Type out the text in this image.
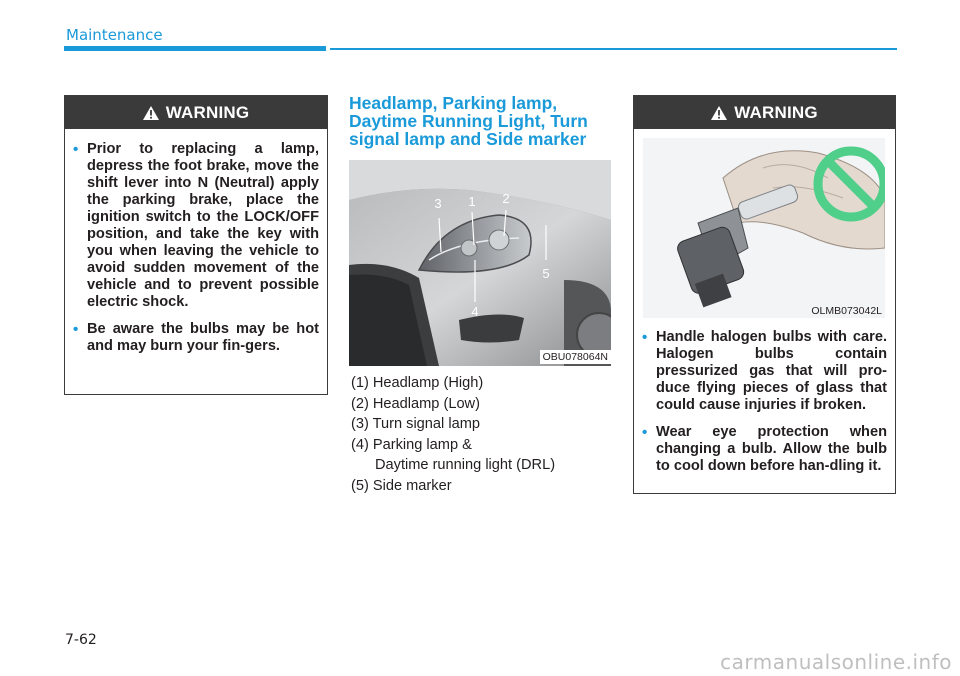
Maintenance
WARNING
• Prior to replacing a lamp, depress the foot brake, move the shift lever into N (Neutral) apply the parking brake, place the ignition switch to the LOCK/OFF position, and take the key with you when leaving the vehicle to avoid sudden movement of the vehicle and to prevent possible electric shock.
• Be aware the bulbs may be hot and may burn your fin-gers.
Headlamp, Parking lamp, Daytime Running Light, Turn signal lamp and Side marker
3 1 2
5
4
OBU078064N
(1) Headlamp (High)
(2) Headlamp (Low)
(3) Turn signal lamp
(4) Parking lamp &
Daytime running light (DRL)
(5) Side marker
WARNING
• Handle halogen bulbs with care. Halogen bulbs contain pressurized gas that will pro-duce flying pieces of glass that could cause injuries if broken.
• Wear eye protection when changing a bulb. Allow the bulb to cool down before han-dling it.
OLMB073042L
7-62
carmanualsonline.info
